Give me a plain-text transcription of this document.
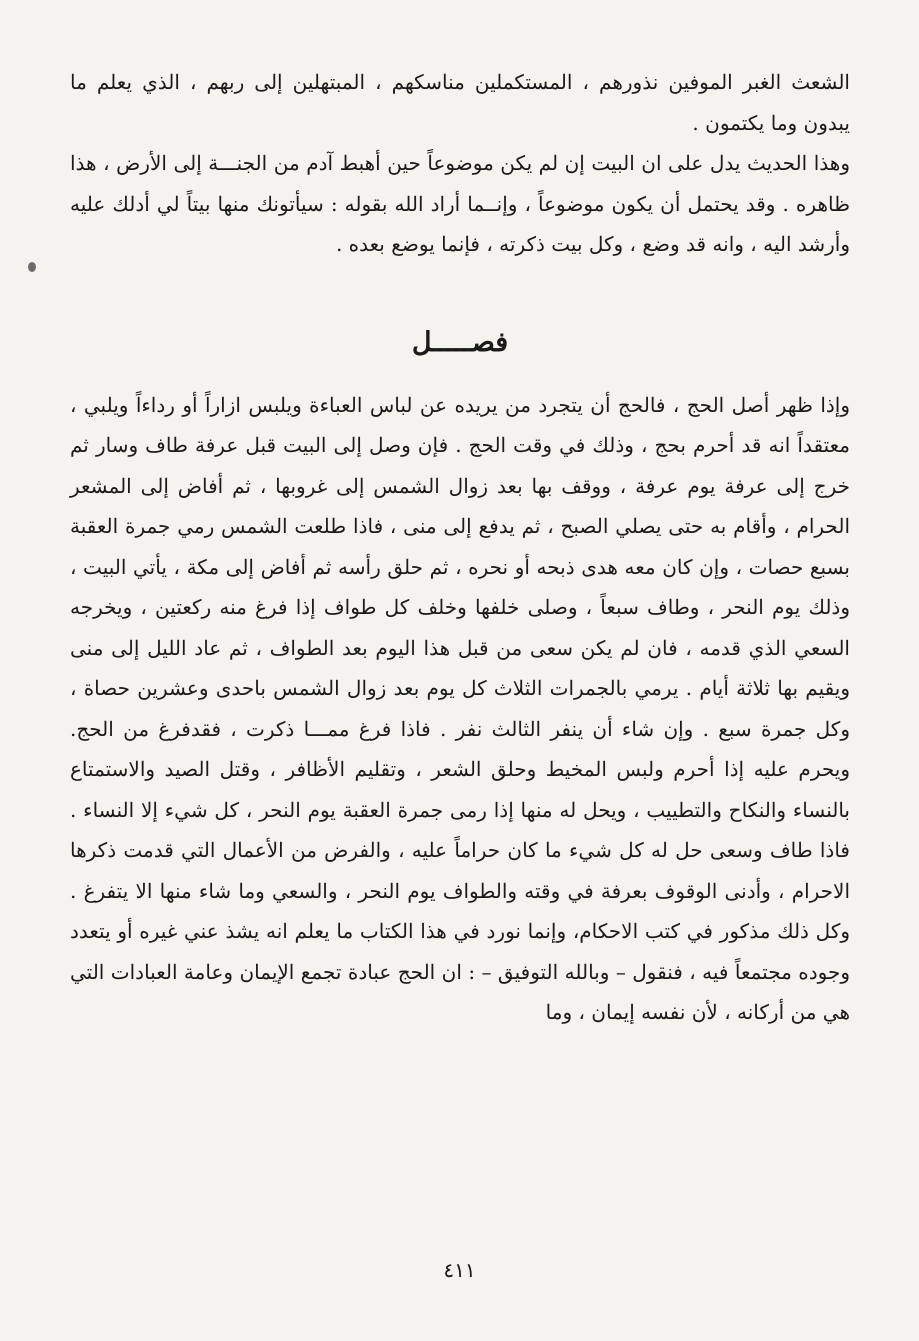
الشعث الغبر الموفين نذورهم ، المستكملين مناسكهم ، المبتهلين إلى ربهم ، الذي يعلم ما يبدون وما يكتمون .

وهذا الحديث يدل على ان البيت إن لم يكن موضوعاً حين أهبط آدم من الجنـــة إلى الأرض ، هذا ظاهره . وقد يحتمل أن يكون موضوعاً ، وإنــما أراد الله بقوله : سيأتونك منها بيتاً لي أدلك عليه وأرشد اليه ، وانه قد وضع ، وكل بيت ذكرته ، فإنما يوضع بعده .

فصـــــل

وإذا ظهر أصل الحج ، فالحج أن يتجرد من يريده عن لباس العباءة ويلبس ازاراً أو رداءاً ويلبي ، معتقداً انه قد أحرم بحج ، وذلك في وقت الحج . فإن وصل إلى البيت قبل عرفة طاف وسار ثم خرج إلى عرفة يوم عرفة ، ووقف بها بعد زوال الشمس إلى غروبها ، ثم أفاض إلى المشعر الحرام ، وأقام به حتى يصلي الصبح ، ثم يدفع إلى منى ، فاذا طلعت الشمس رمي جمرة العقبة بسبع حصات ، وإن كان معه هدى ذبحه أو نحره ، ثم حلق رأسه ثم أفاض إلى مكة ، يأتي البيت ، وذلك يوم النحر ، وطاف سبعاً ، وصلى خلفها وخلف كل طواف إذا فرغ منه ركعتين ، ويخرجه السعي الذي قدمه ، فان لم يكن سعى من قبل هذا اليوم بعد الطواف ، ثم عاد الليل إلى منى ويقيم بها ثلاثة أيام . يرمي بالجمرات الثلاث كل يوم بعد زوال الشمس باحدى وعشرين حصاة ، وكل جمرة سبع . وإن شاء أن ينفر الثالث نفر . فاذا فرغ ممـــا ذكرت ، فقدفرغ من الحج. ويحرم عليه إذا أحرم ولبس المخيط وحلق الشعر ، وتقليم الأظافر ، وقتل الصيد والاستمتاع بالنساء والنكاح والتطييب ، ويحل له منها إذا رمى جمرة العقبة يوم النحر ، كل شيء إلا النساء . فاذا طاف وسعى حل له كل شيء ما كان حراماً عليه ، والفرض من الأعمال التي قدمت ذكرها الاحرام ، وأدنى الوقوف بعرفة في وقته والطواف يوم النحر ، والسعي وما شاء منها الا يتفرغ . وكل ذلك مذكور في كتب الاحكام، وإنما نورد في هذا الكتاب ما يعلم انه يشذ عني غيره أو يتعدد وجوده مجتمعاً فيه ، فنقول – وبالله التوفيق – : ان الحج عبادة تجمع الإيمان وعامة العبادات التي هي من أركانه ، لأن نفسه إيمان ، وما

٤١١
